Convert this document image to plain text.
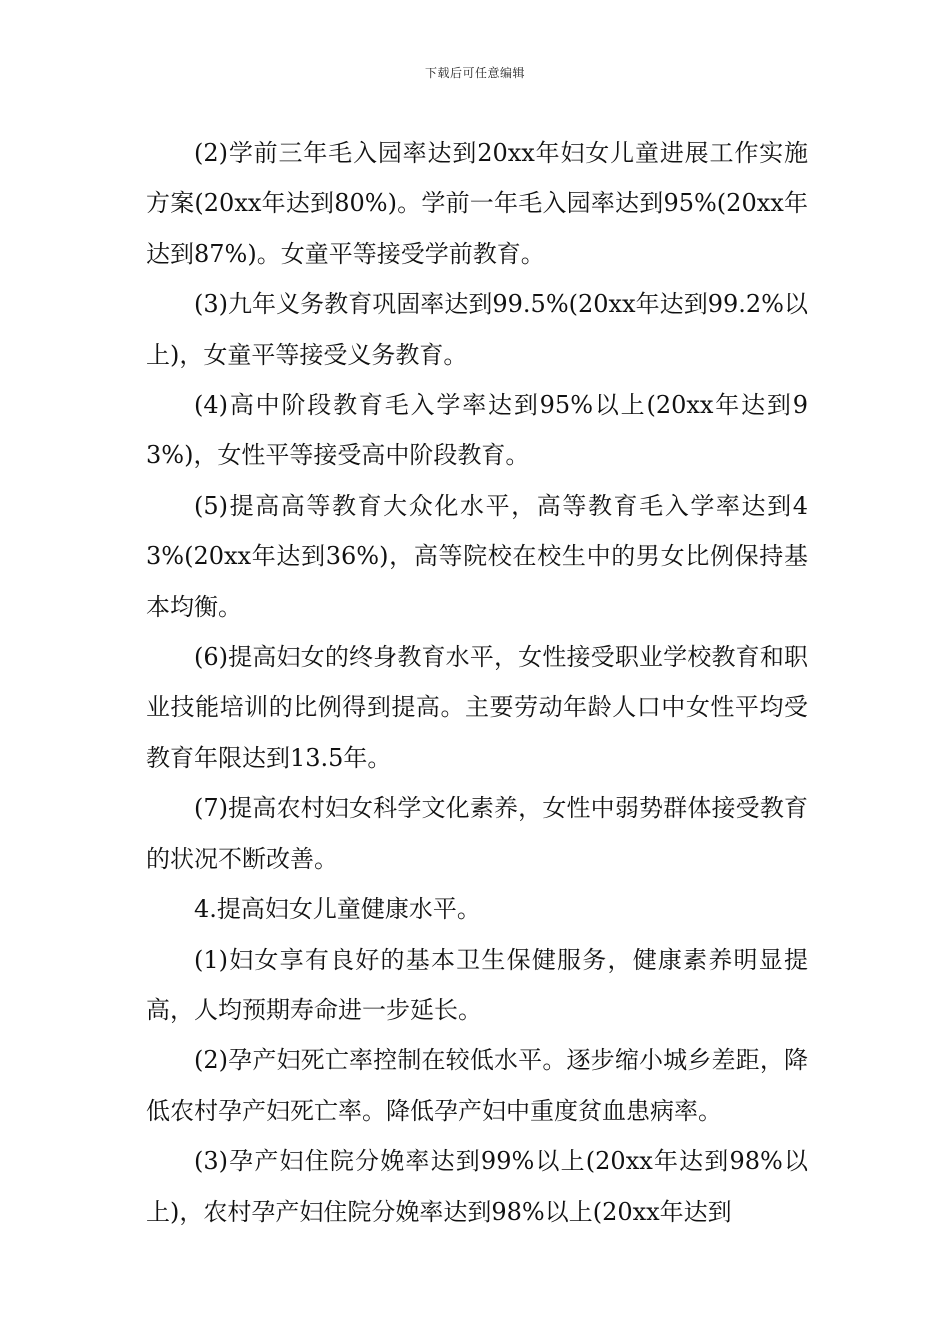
下载后可任意编辑

(2)学前三年毛入园率达到20xx年妇女儿童进展工作实施方案(20xx年达到80%)。学前一年毛入园率达到95%(20xx年达到87%)。女童平等接受学前教育。

(3)九年义务教育巩固率达到99.5%(20xx年达到99.2%以上)，女童平等接受义务教育。

(4)高中阶段教育毛入学率达到95%以上(20xx年达到93%)，女性平等接受高中阶段教育。

(5)提高高等教育大众化水平，高等教育毛入学率达到43%(20xx年达到36%)，高等院校在校生中的男女比例保持基本均衡。

(6)提高妇女的终身教育水平，女性接受职业学校教育和职业技能培训的比例得到提高。主要劳动年龄人口中女性平均受教育年限达到13.5年。

(7)提高农村妇女科学文化素养，女性中弱势群体接受教育的状况不断改善。

4.提高妇女儿童健康水平。

(1)妇女享有良好的基本卫生保健服务，健康素养明显提高，人均预期寿命进一步延长。

(2)孕产妇死亡率控制在较低水平。逐步缩小城乡差距，降低农村孕产妇死亡率。降低孕产妇中重度贫血患病率。

(3)孕产妇住院分娩率达到99%以上(20xx年达到98%以上)，农村孕产妇住院分娩率达到98%以上(20xx年达到
